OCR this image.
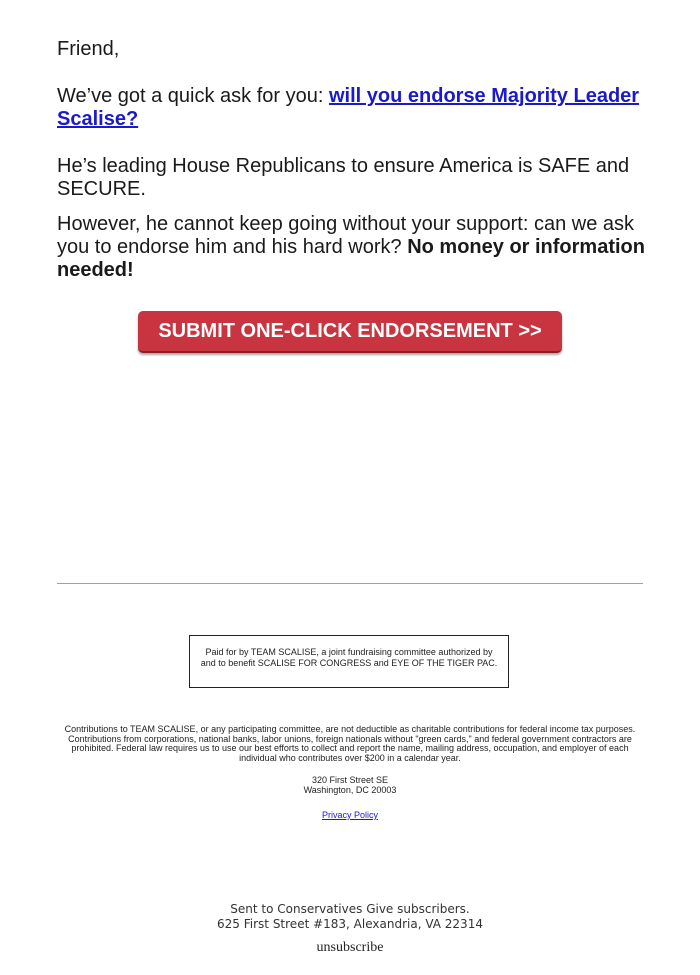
Friend,

We’ve got a quick ask for you: will you endorse Majority Leader Scalise?

He’s leading House Republicans to ensure America is SAFE and SECURE.

However, he cannot keep going without your support: can we ask you to endorse him and his hard work? No money or information needed!

SUBMIT ONE-CLICK ENDORSEMENT >>
Paid for by TEAM SCALISE, a joint fundraising committee authorized by and to benefit SCALISE FOR CONGRESS and EYE OF THE TIGER PAC.
Contributions to TEAM SCALISE, or any participating committee, are not deductible as charitable contributions for federal income tax purposes. Contributions from corporations, national banks, labor unions, foreign nationals without "green cards," and federal government contractors are prohibited. Federal law requires us to use our best efforts to collect and report the name, mailing address, occupation, and employer of each individual who contributes over $200 in a calendar year.
320 First Street SE
Washington, DC 20003
Privacy Policy
Sent to Conservatives Give subscribers.
625 First Street #183, Alexandria, VA 22314
unsubscribe
